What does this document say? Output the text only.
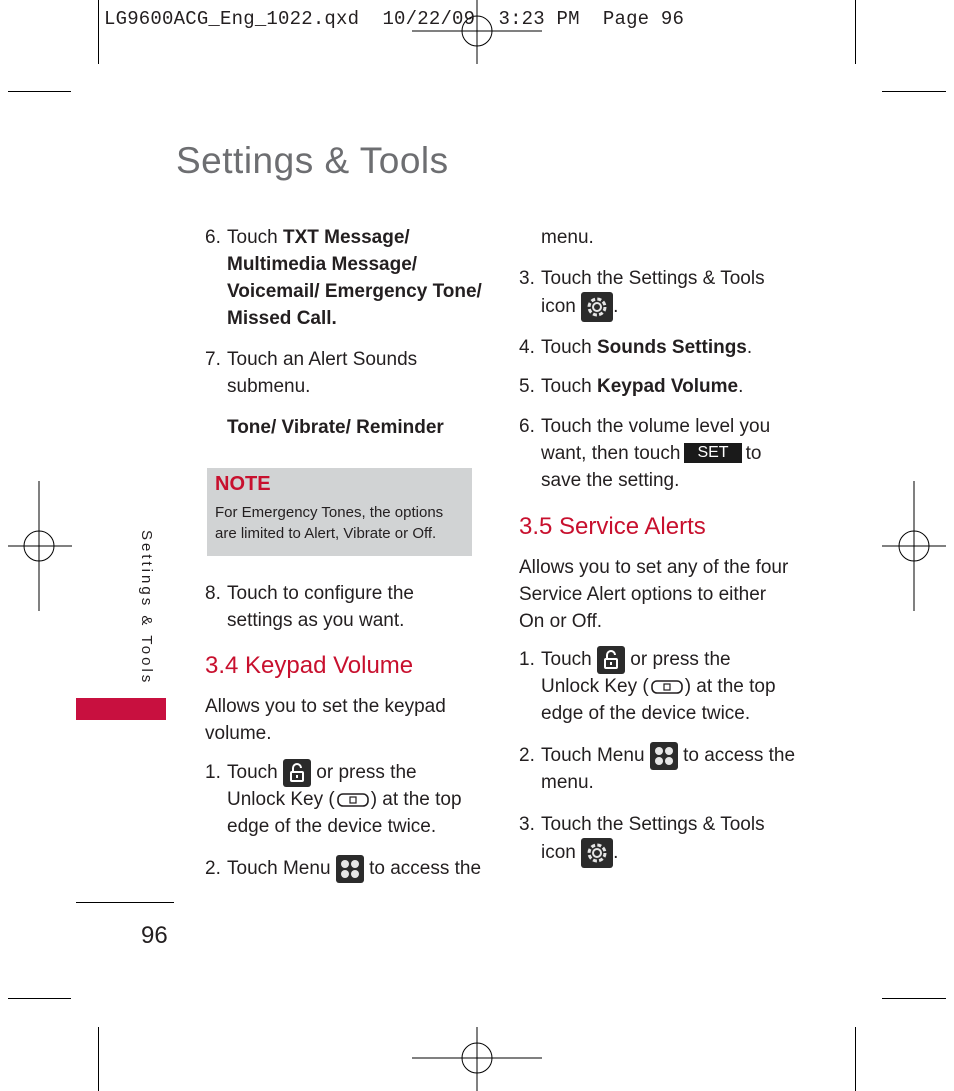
LG9600ACG_Eng_1022.qxd  10/22/09  3:23 PM  Page 96
Settings & Tools
Settings & Tools
6. Touch TXT Message/
Multimedia Message/
Voicemail/ Emergency Tone/
Missed Call.
7. Touch an Alert Sounds
submenu.
Tone/ Vibrate/ Reminder
NOTE
For Emergency Tones, the options
are limited to Alert, Vibrate or Off.
8. Touch to configure the
settings as you want.
3.4 Keypad Volume
Allows you to set the keypad
volume.
1. Touch or press the
Unlock Key ( ) at the top
edge of the device twice.
2. Touch Menu to access the
96
menu.
3. Touch the Settings & Tools
icon .
4. Touch Sounds Settings.
5. Touch Keypad Volume.
6. Touch the volume level you
want, then touch SET to
save the setting.
3.5 Service Alerts
Allows you to set any of the four
Service Alert options to either
On or Off.
1. Touch or press the
Unlock Key ( ) at the top
edge of the device twice.
2. Touch Menu to access the
menu.
3. Touch the Settings & Tools
icon .
